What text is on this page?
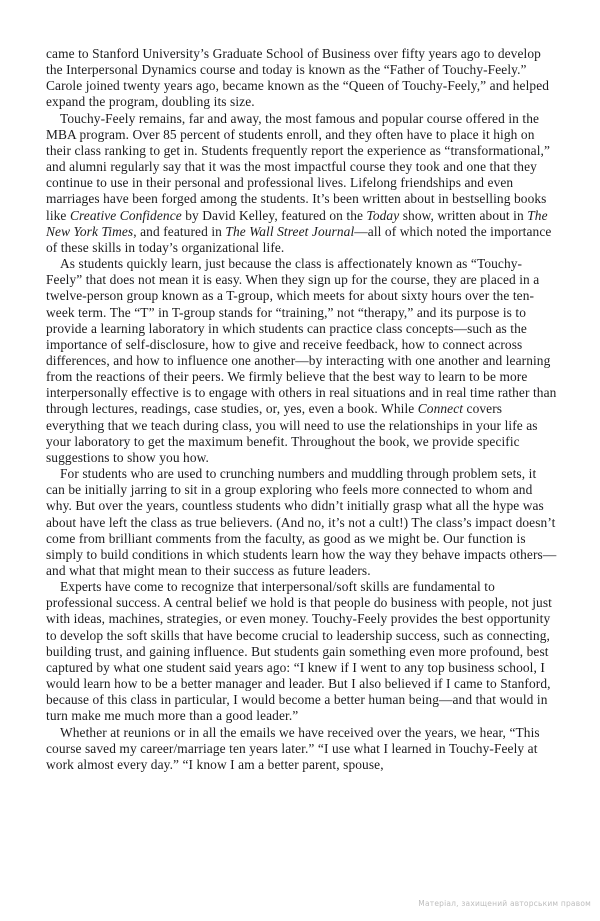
came to Stanford University’s Graduate School of Business over fifty years ago to develop the Interpersonal Dynamics course and today is known as the “Father of Touchy-Feely.” Carole joined twenty years ago, became known as the “Queen of Touchy-Feely,” and helped expand the program, doubling its size.

Touchy-Feely remains, far and away, the most famous and popular course offered in the MBA program. Over 85 percent of students enroll, and they often have to place it high on their class ranking to get in. Students frequently report the experience as “transformational,” and alumni regularly say that it was the most impactful course they took and one that they continue to use in their personal and professional lives. Lifelong friendships and even marriages have been forged among the students. It’s been written about in bestselling books like Creative Confidence by David Kelley, featured on the Today show, written about in The New York Times, and featured in The Wall Street Journal—all of which noted the importance of these skills in today’s organizational life.

As students quickly learn, just because the class is affectionately known as “Touchy-Feely” that does not mean it is easy. When they sign up for the course, they are placed in a twelve-person group known as a T-group, which meets for about sixty hours over the ten-week term. The “T” in T-group stands for “training,” not “therapy,” and its purpose is to provide a learning laboratory in which students can practice class concepts—such as the importance of self-disclosure, how to give and receive feedback, how to connect across differences, and how to influence one another—by interacting with one another and learning from the reactions of their peers. We firmly believe that the best way to learn to be more interpersonally effective is to engage with others in real situations and in real time rather than through lectures, readings, case studies, or, yes, even a book. While Connect covers everything that we teach during class, you will need to use the relationships in your life as your laboratory to get the maximum benefit. Throughout the book, we provide specific suggestions to show you how.

For students who are used to crunching numbers and muddling through problem sets, it can be initially jarring to sit in a group exploring who feels more connected to whom and why. But over the years, countless students who didn’t initially grasp what all the hype was about have left the class as true believers. (And no, it’s not a cult!) The class’s impact doesn’t come from brilliant comments from the faculty, as good as we might be. Our function is simply to build conditions in which students learn how the way they behave impacts others—and what that might mean to their success as future leaders.

Experts have come to recognize that interpersonal/soft skills are fundamental to professional success. A central belief we hold is that people do business with people, not just with ideas, machines, strategies, or even money. Touchy-Feely provides the best opportunity to develop the soft skills that have become crucial to leadership success, such as connecting, building trust, and gaining influence. But students gain something even more profound, best captured by what one student said years ago: “I knew if I went to any top business school, I would learn how to be a better manager and leader. But I also believed if I came to Stanford, because of this class in particular, I would become a better human being—and that would in turn make me much more than a good leader.”

Whether at reunions or in all the emails we have received over the years, we hear, “This course saved my career/marriage ten years later.” “I use what I learned in Touchy-Feely at work almost every day.” “I know I am a better parent, spouse,

Матеріал, захищений авторським правом
